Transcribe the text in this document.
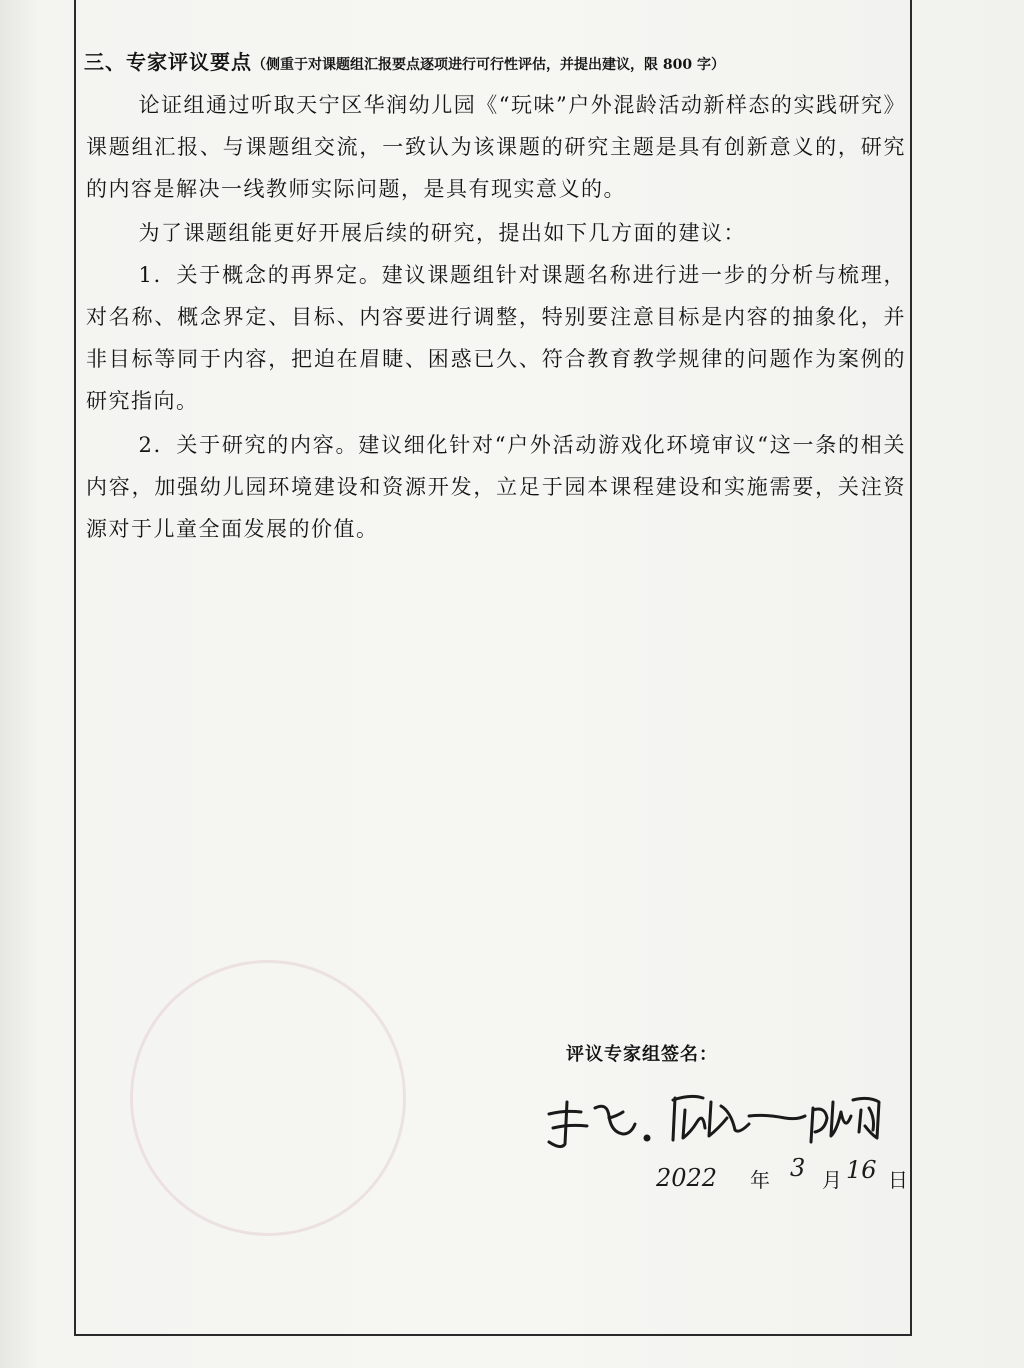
三、专家评议要点（侧重于对课题组汇报要点逐项进行可行性评估，并提出建议，限 800 字）
论证组通过听取天宁区华润幼儿园《“玩味”户外混龄活动新样态的实践研究》课题组汇报、与课题组交流，一致认为该课题的研究主题是具有创新意义的，研究的内容是解决一线教师实际问题，是具有现实意义的。
为了课题组能更好开展后续的研究，提出如下几方面的建议：
1．关于概念的再界定。建议课题组针对课题名称进行进一步的分析与梳理，对名称、概念界定、目标、内容要进行调整，特别要注意目标是内容的抽象化，并非目标等同于内容，把迫在眉睫、困惑已久、符合教育教学规律的问题作为案例的研究指向。
2．关于研究的内容。建议细化针对“户外活动游戏化环境审议“这一条的相关内容，加强幼儿园环境建设和资源开发，立足于园本课程建设和实施需要，关注资源对于儿童全面发展的价值。
评议专家组签名：
2022 年 3 月 16 日
